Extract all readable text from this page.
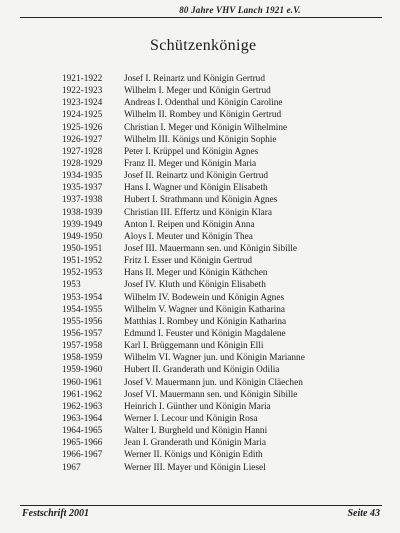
80 Jahre VHV Lanch 1921 e.V.
Schützenkönige
1921-1922	Josef I. Reinartz und Königin Gertrud
1922-1923	Wilhelm I. Meger und Königin Gertrud
1923-1924	Andreas I. Odenthal und Königin Caroline
1924-1925	Wilhelm II. Rombey und Königin Gertrud
1925-1926	Christian I. Meger und Königin Wilhelmine
1926-1927	Wilhelm III. Königs und Königin Sophie
1927-1928	Peter I. Krüppel und Königin Agnes
1928-1929	Franz II. Meger und Königin Maria
1934-1935	Josef II. Reinartz und Königin Gertrud
1935-1937	Hans I. Wagner und Königin Elisabeth
1937-1938	Hubert I. Strathmann und Königin Agnes
1938-1939	Christian III. Effertz und Königin Klara
1939-1949	Anton I. Reipen und Königin Anna
1949-1950	Aloys I. Meuter und Königin Thea
1950-1951	Josef III. Mauermann sen. und Königin Sibille
1951-1952	Fritz I. Esser und Königin Gertrud
1952-1953	Hans II. Meger und Königin Käthchen
1953	Josef IV. Kluth und Königin Elisabeth
1953-1954	Wilhelm IV. Bodewein und Königin Agnes
1954-1955	Wilhelm V. Wagner und Königin Katharina
1955-1956	Matthias I. Rombey und Königin Katharina
1956-1957	Edmund I. Feuster und Königin Magdalene
1957-1958	Karl I. Brüggemann und Königin Elli
1958-1959	Wilhelm VI. Wagner jun. und Königin Marianne
1959-1960	Hubert II. Granderath und Königin Odilia
1960-1961	Josef V. Mauermann jun. und Königin Cläechen
1961-1962	Josef VI. Mauermann sen. und Königin Sibille
1962-1963	Heinrich I. Günther und Königin Maria
1963-1964	Werner I. Lecour und Königin Rosa
1964-1965	Walter I. Burgheld und Königin Hanni
1965-1966	Jean I. Granderath und Königin Maria
1966-1967	Werner II. Königs und Königin Edith
1967	Werner III. Mayer und Königin Liesel
Festschrift 2001	Seite 43
